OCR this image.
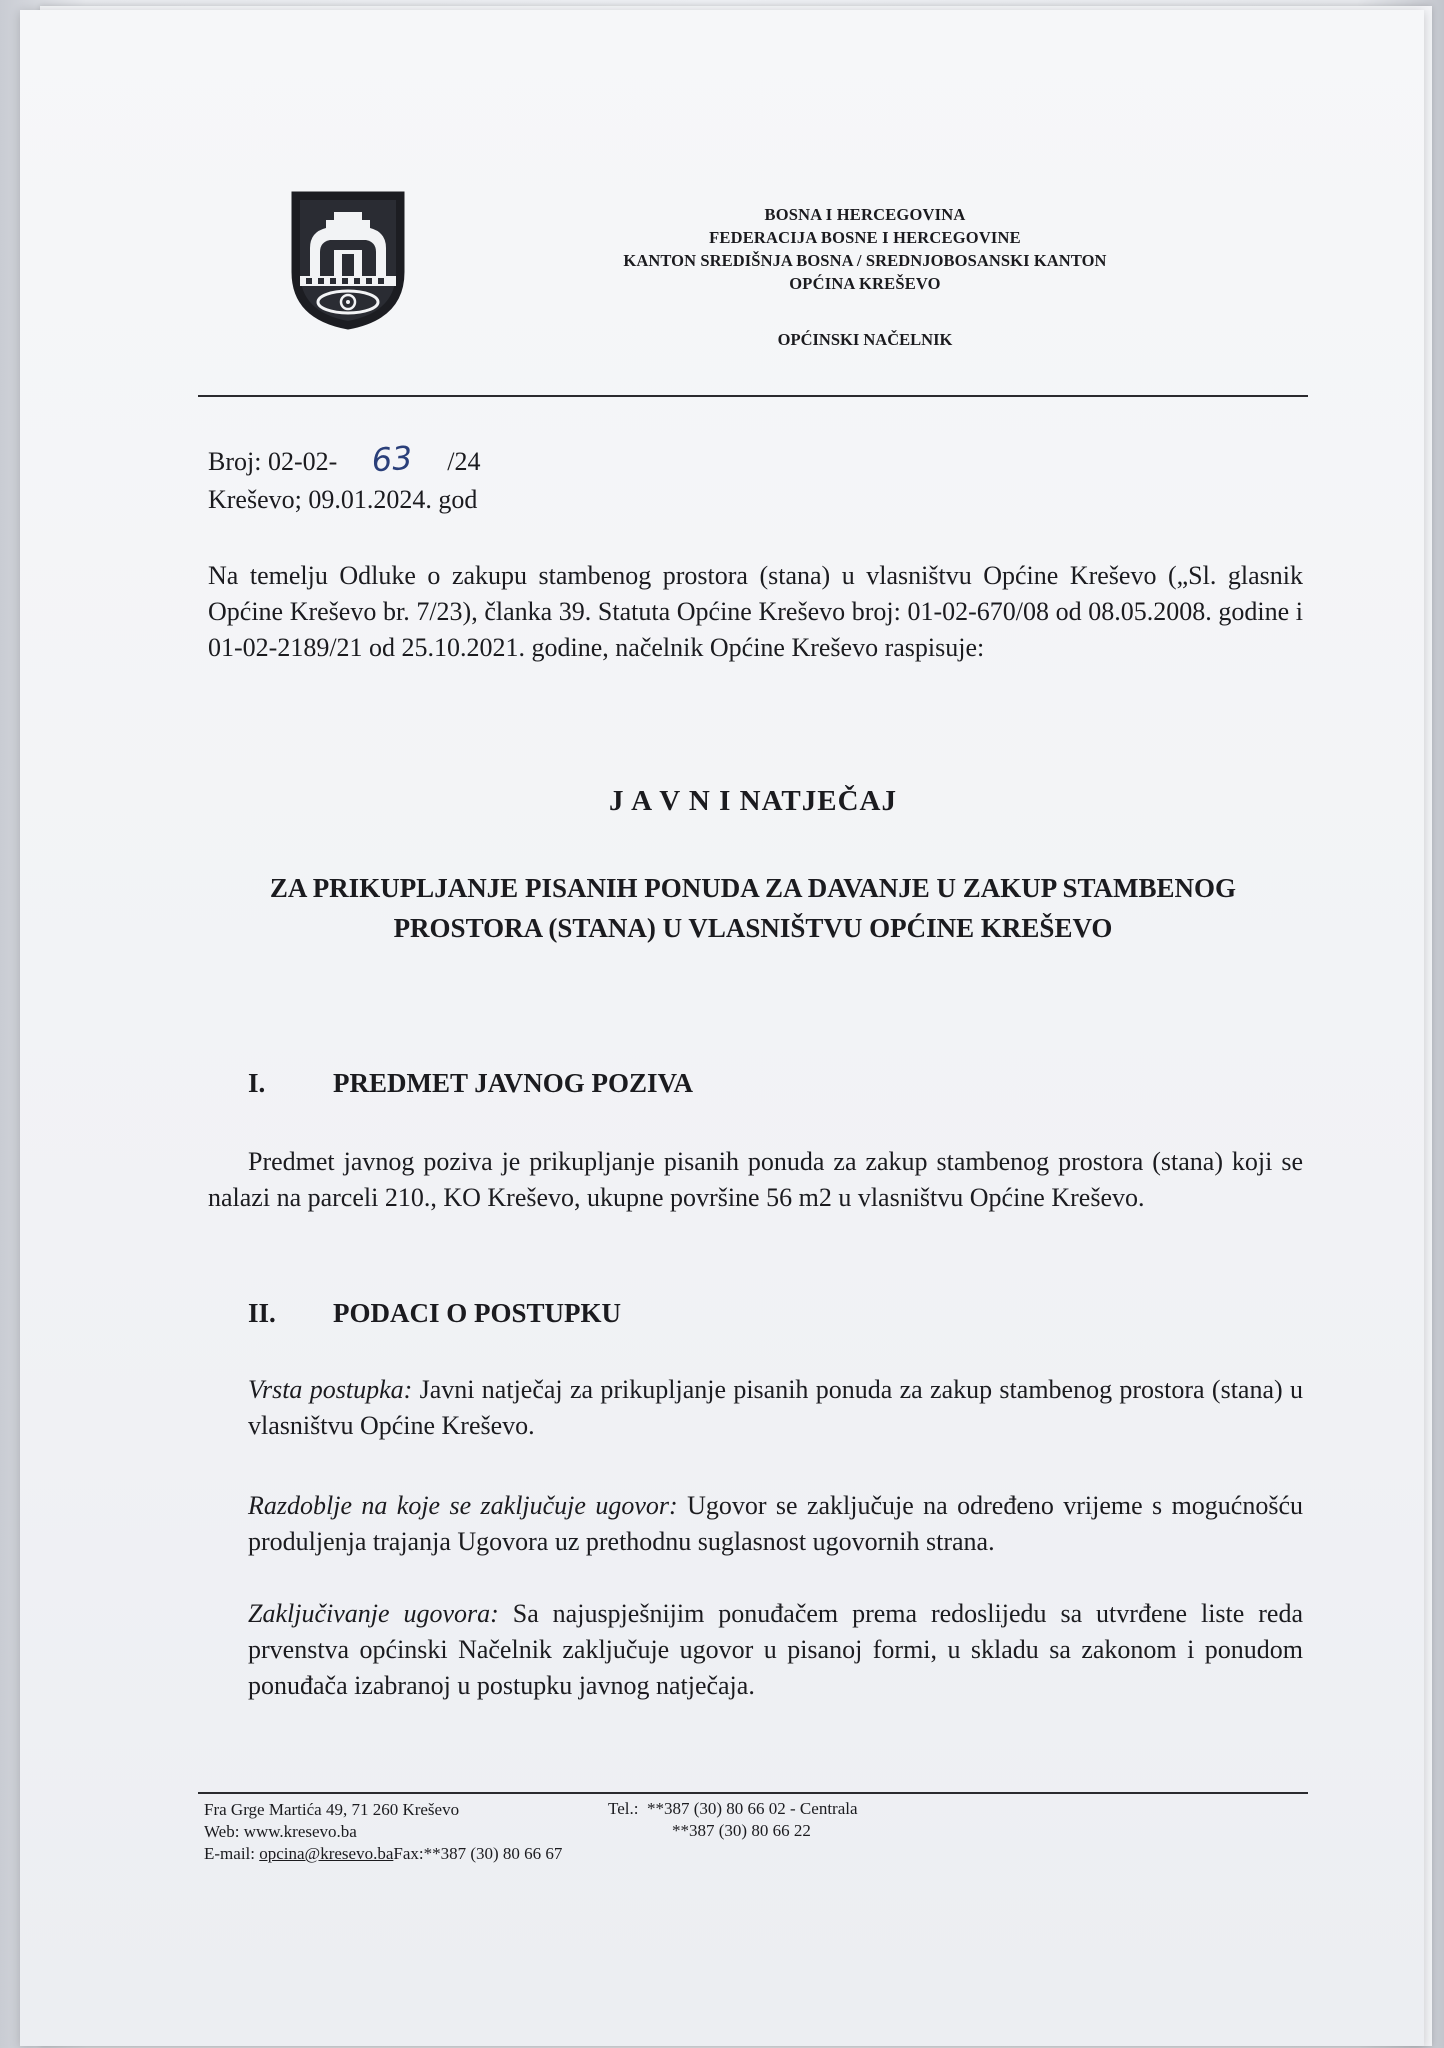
BOSNA I HERCEGOVINA
FEDERACIJA BOSNE I HERCEGOVINE
KANTON SREDIŠNJA BOSNA / SREDNJOBOSANSKI KANTON
OPĆINA KREŠEVO
OPĆINSKI NAČELNIK
Broj: 02-02- 63 /24
Kreševo; 09.01.2024. god
Na temelju Odluke o zakupu stambenog prostora (stana) u vlasništvu Općine Kreševo („Sl. glasnik Općine Kreševo br. 7/23), članka 39. Statuta Općine Kreševo broj: 01-02-670/08 od 08.05.2008. godine i 01-02-2189/21 od 25.10.2021. godine, načelnik Općine Kreševo raspisuje:
J A V N I NATJEČAJ
ZA PRIKUPLJANJE PISANIH PONUDA ZA DAVANJE U ZAKUP STAMBENOG PROSTORA (STANA) U VLASNIŠTVU OPĆINE KREŠEVO
I.	PREDMET JAVNOG POZIVA
Predmet javnog poziva je prikupljanje pisanih ponuda za zakup stambenog prostora (stana) koji se nalazi na parceli 210., KO Kreševo, ukupne površine 56 m2 u vlasništvu Općine Kreševo.
II. PODACI O POSTUPKU
Vrsta postupka: Javni natječaj za prikupljanje pisanih ponuda za zakup stambenog prostora (stana) u vlasništvu Općine Kreševo.
Razdoblje na koje se zaključuje ugovor: Ugovor se zaključuje na određeno vrijeme s mogućnošću produljenja trajanja Ugovora uz prethodnu suglasnost ugovornih strana.
Zaključivanje ugovora: Sa najuspješnijim ponuđačem prema redoslijedu sa utvrđene liste reda prvenstva općinski Načelnik zaključuje ugovor u pisanoj formi, u skladu sa zakonom i ponudom ponuđača izabranoj u postupku javnog natječaja.
Fra Grge Martića 49, 71 260 Kreševo
Web: www.kresevo.ba
E-mail: opcina@kresevo.baFax:**387 (30) 80 66 67
Tel.: **387 (30) 80 66 02 - Centrala
**387 (30) 80 66 22
